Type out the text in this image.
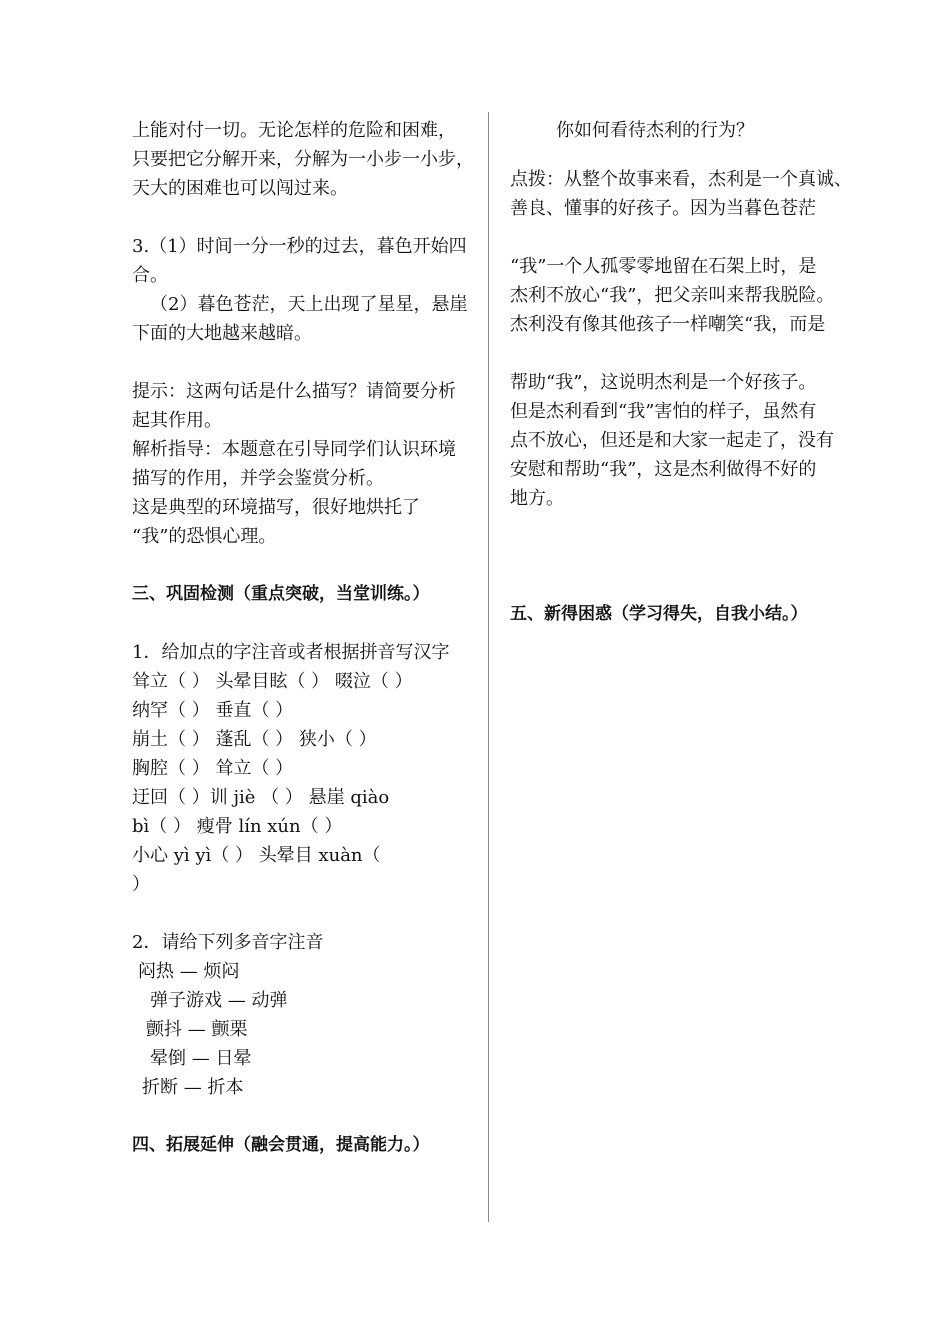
上能对付一切。无论怎样的危险和困难，
只要把它分解开来，分解为一小步一小步，
天大的困难也可以闯过来。
3.（1）时间一分一秒的过去，暮色开始四
合。
（2）暮色苍茫，天上出现了星星，悬崖
下面的大地越来越暗。
提示：这两句话是什么描写？请简要分析
起其作用。
解析指导：本题意在引导同学们认识环境
描写的作用，并学会鉴赏分析。
这是典型的环境描写，很好地烘托了
“我”的恐惧心理。
三、巩固检测（重点突破，当堂训练。）
1．给加点的字注音或者根据拼音写汉字
耸立（ ） 头晕目眩（ ） 啜泣（ ）
纳罕（ ） 垂直（ ）
崩土（ ） 蓬乱（ ） 狭小（ ）
胸腔（ ） 耸立（ ）
迂回（ ）训 jiè （ ） 悬崖 qiào
bì（ ） 瘦骨 lín xún（ ）
小心 yì yì（ ） 头晕目 xuàn（
）
2．请给下列多音字注音
闷热 — 烦闷
弹子游戏 — 动弹
颤抖 — 颤栗
晕倒 — 日晕
折断 — 折本
四、拓展延伸（融会贯通，提高能力。）
你如何看待杰利的行为？
点拨：从整个故事来看，杰利是一个真诚、
善良、懂事的好孩子。因为当暮色苍茫
“我”一个人孤零零地留在石架上时，是
杰利不放心“我”，把父亲叫来帮我脱险。
杰利没有像其他孩子一样嘲笑“我，而是
帮助“我”，这说明杰利是一个好孩子。
但是杰利看到“我”害怕的样子，虽然有
点不放心，但还是和大家一起走了，没有
安慰和帮助“我”，这是杰利做得不好的
地方。
五、新得困惑（学习得失，自我小结。）
